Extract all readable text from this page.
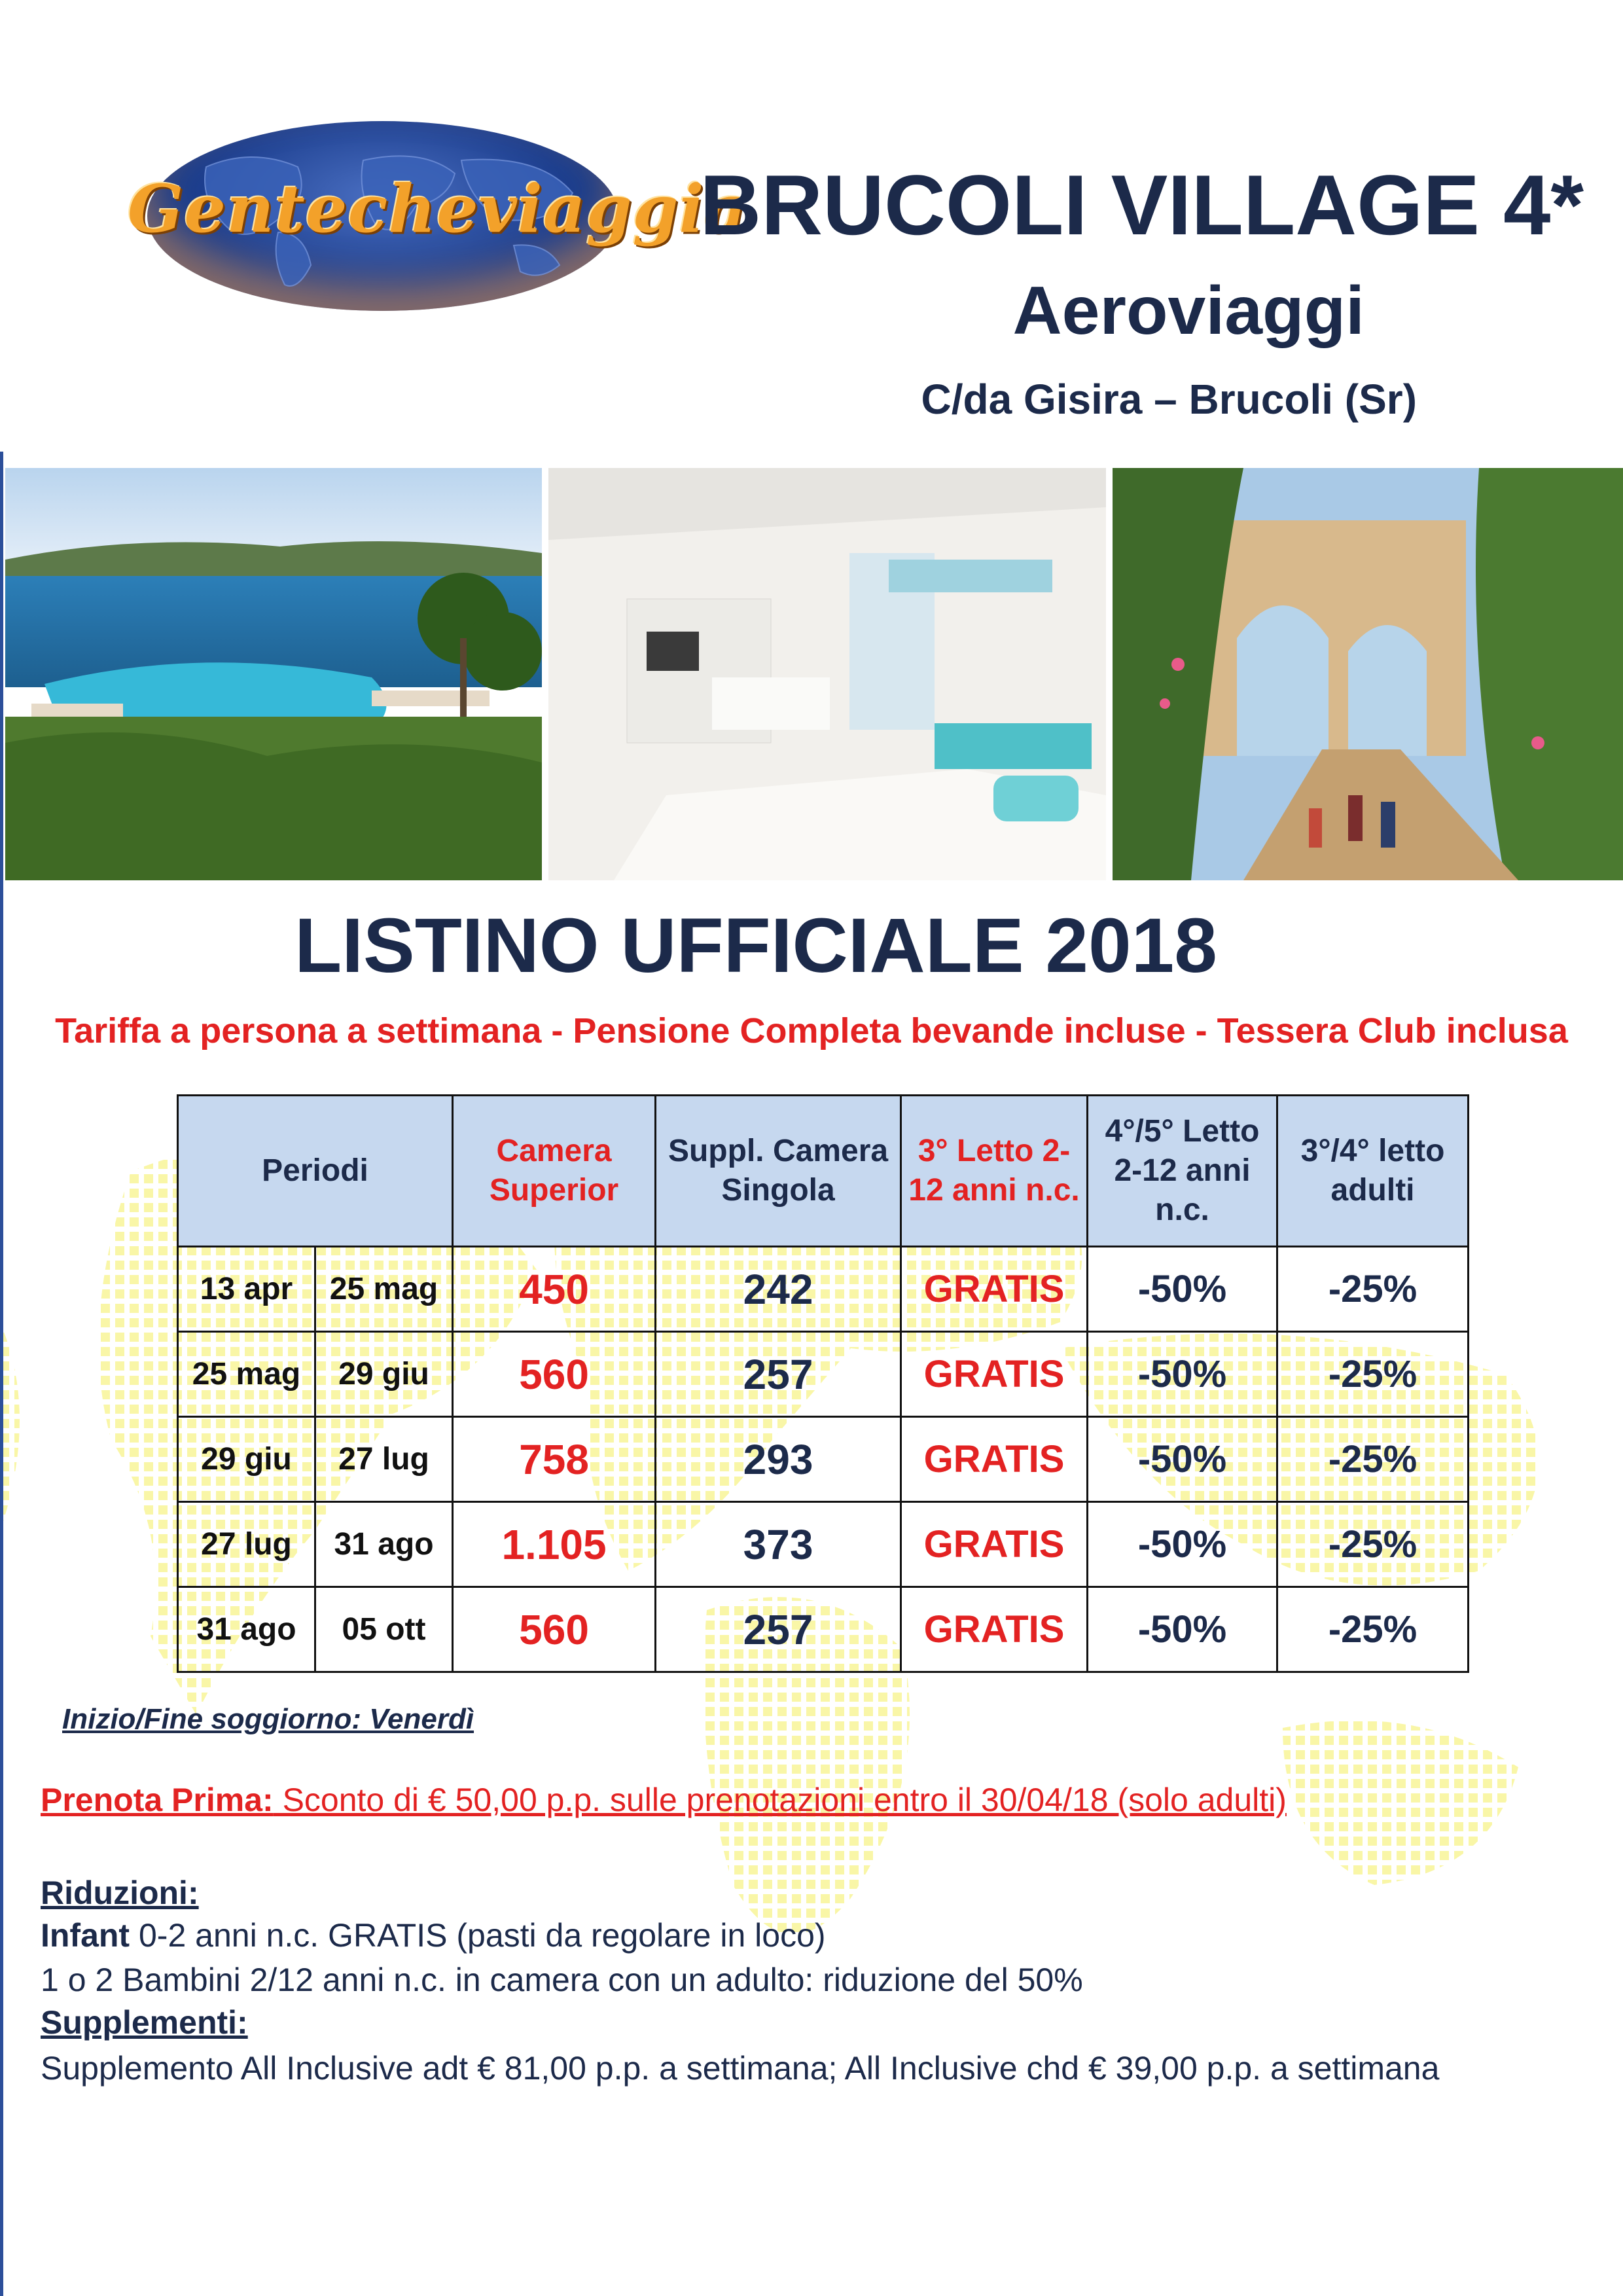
Gentecheviaggia
BRUCOLI VILLAGE 4*
Aeroviaggi
C/da Gisira – Brucoli (Sr)
LISTINO UFFICIALE 2018
Tariffa a persona a settimana - Pensione Completa bevande incluse - Tessera Club inclusa
Periodi		Camera Superior	Suppl. Camera Singola	3° Letto 2-12 anni n.c.	4°/5° Letto 2-12 anni n.c.	3°/4° letto adulti
13 apr	25 mag	450	242	GRATIS	-50%	-25%
25 mag	29 giu	560	257	GRATIS	-50%	-25%
29 giu	27 lug	758	293	GRATIS	-50%	-25%
27 lug	31 ago	1.105	373	GRATIS	-50%	-25%
31 ago	05 ott	560	257	GRATIS	-50%	-25%
Inizio/Fine soggiorno: Venerdì
Prenota Prima: Sconto di € 50,00 p.p. sulle prenotazioni entro il 30/04/18 (solo adulti)
Riduzioni:
Infant 0-2 anni n.c. GRATIS (pasti da regolare in loco)
1 o 2 Bambini 2/12 anni n.c. in camera con un adulto: riduzione del 50%
Supplementi:
Supplemento All Inclusive adt € 81,00 p.p. a settimana; All Inclusive chd € 39,00 p.p. a settimana
